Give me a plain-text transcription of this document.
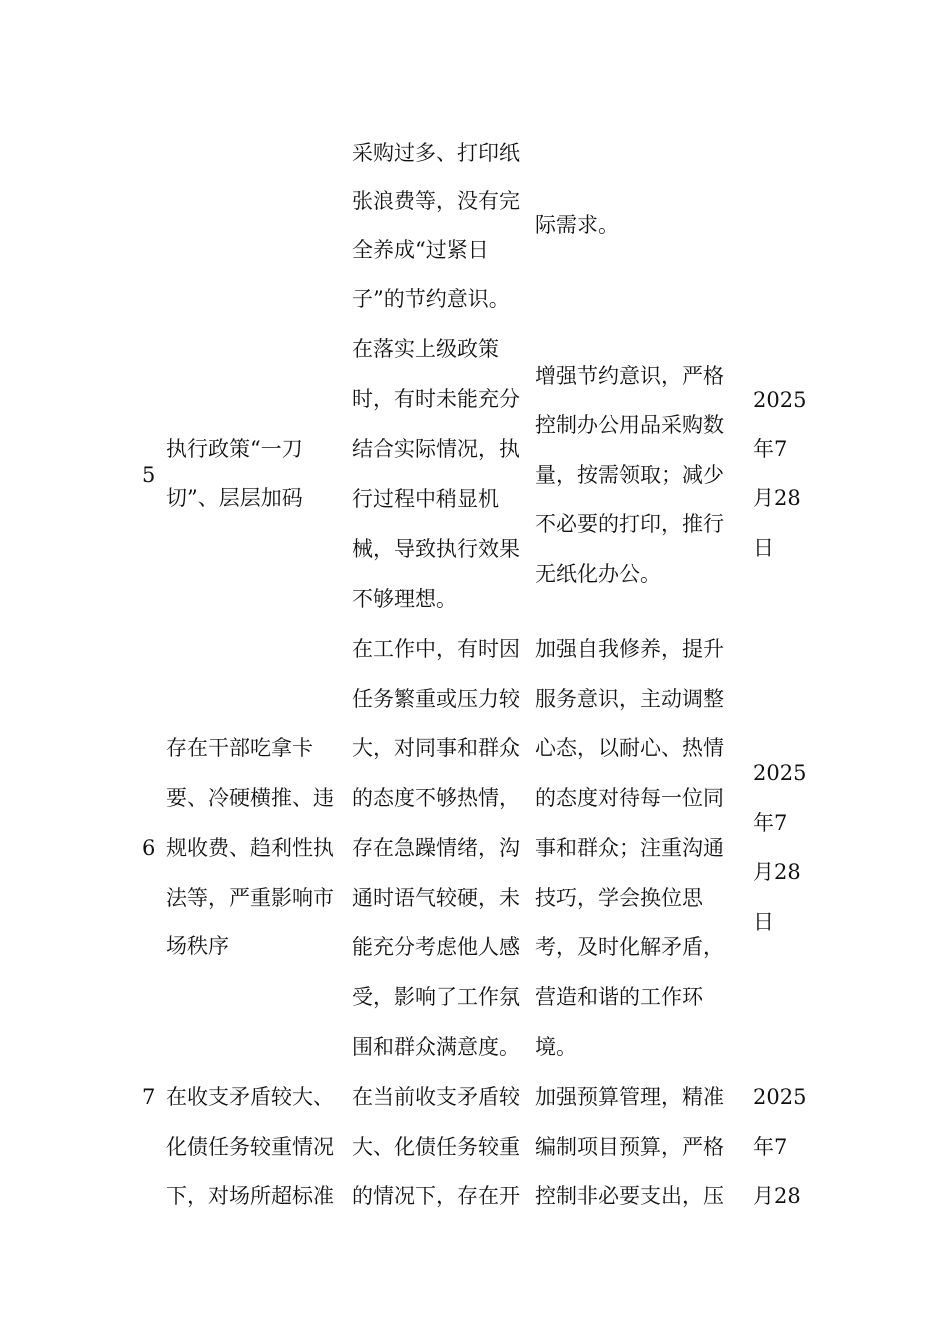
采购过多、打印纸
张浪费等，没有完
全养成“过紧日
子”的节约意识。
际需求。
5
执行政策“一刀
切”、层层加码
在落实上级政策
时，有时未能充分
结合实际情况，执
行过程中稍显机
械，导致执行效果
不够理想。
增强节约意识，严格
控制办公用品采购数
量，按需领取；减少
不必要的打印，推行
无纸化办公。
2025
年7
月28
日
6
存在干部吃拿卡
要、冷硬横推、违
规收费、趋利性执
法等，严重影响市
场秩序
在工作中，有时因
任务繁重或压力较
大，对同事和群众
的态度不够热情，
存在急躁情绪，沟
通时语气较硬，未
能充分考虑他人感
受，影响了工作氛
围和群众满意度。
加强自我修养，提升
服务意识，主动调整
心态，以耐心、热情
的态度对待每一位同
事和群众；注重沟通
技巧，学会换位思
考，及时化解矛盾，
营造和谐的工作环
境。
2025
年7
月28
日
7 在收支矛盾较大、
化债任务较重情况
下，对场所超标准
在当前收支矛盾较
大、化债任务较重
的情况下，存在开
加强预算管理，精准
编制项目预算，严格
控制非必要支出，压
2025
年7
月28
